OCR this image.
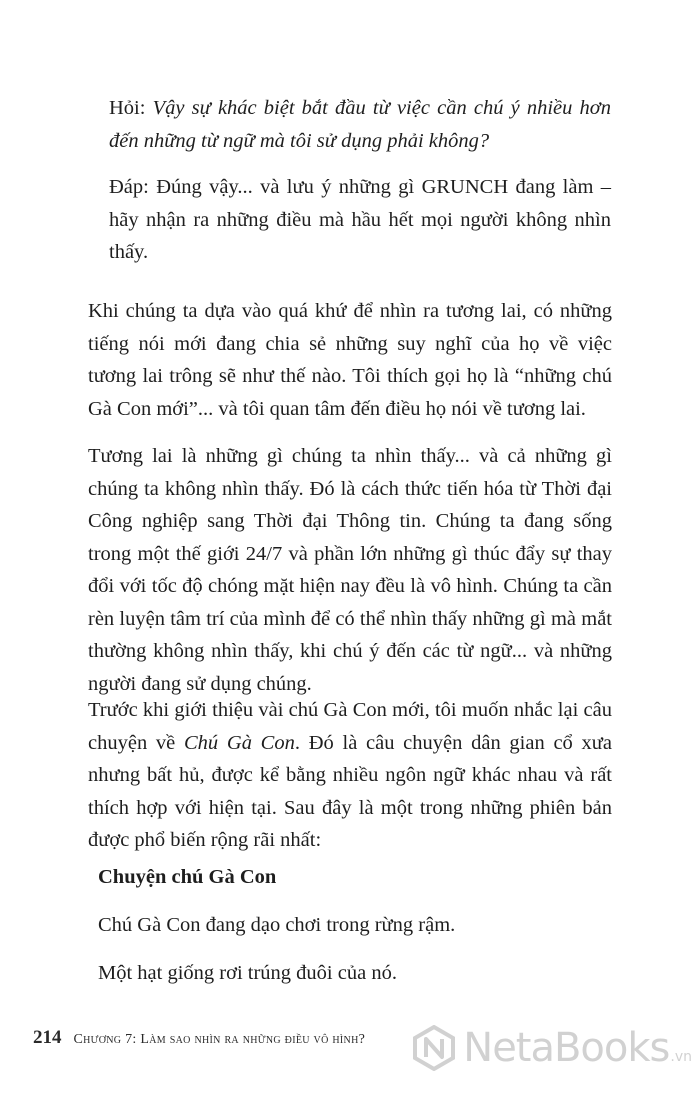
Hỏi: Vậy sự khác biệt bắt đầu từ việc cần chú ý nhiều hơn đến những từ ngữ mà tôi sử dụng phải không?

Đáp: Đúng vậy... và lưu ý những gì GRUNCH đang làm – hãy nhận ra những điều mà hầu hết mọi người không nhìn thấy.

Khi chúng ta dựa vào quá khứ để nhìn ra tương lai, có những tiếng nói mới đang chia sẻ những suy nghĩ của họ về việc tương lai trông sẽ như thế nào. Tôi thích gọi họ là “những chú Gà Con mới”... và tôi quan tâm đến điều họ nói về tương lai.

Tương lai là những gì chúng ta nhìn thấy... và cả những gì chúng ta không nhìn thấy. Đó là cách thức tiến hóa từ Thời đại Công nghiệp sang Thời đại Thông tin. Chúng ta đang sống trong một thế giới 24/7 và phần lớn những gì thúc đẩy sự thay đổi với tốc độ chóng mặt hiện nay đều là vô hình. Chúng ta cần rèn luyện tâm trí của mình để có thể nhìn thấy những gì mà mắt thường không nhìn thấy, khi chú ý đến các từ ngữ... và những người đang sử dụng chúng.

Trước khi giới thiệu vài chú Gà Con mới, tôi muốn nhắc lại câu chuyện về Chú Gà Con. Đó là câu chuyện dân gian cổ xưa nhưng bất hủ, được kể bằng nhiều ngôn ngữ khác nhau và rất thích hợp với hiện tại. Sau đây là một trong những phiên bản được phổ biến rộng rãi nhất:

Chuyện chú Gà Con

Chú Gà Con đang dạo chơi trong rừng rậm.

Một hạt giống rơi trúng đuôi của nó.

214 Chương 7: Làm sao nhìn ra những điều vô hình? NetaBooks .vn
